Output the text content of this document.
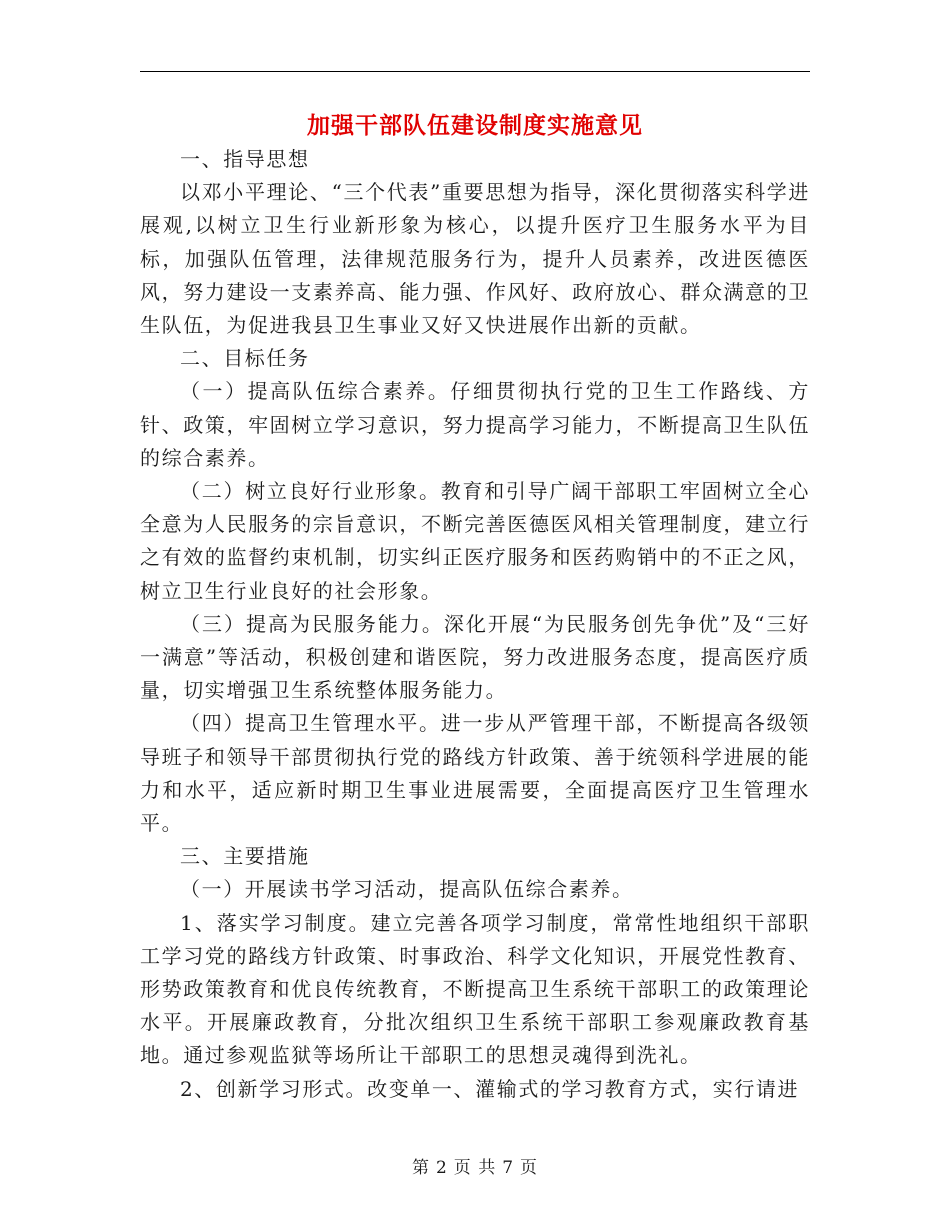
加强干部队伍建设制度实施意见

一、指导思想

以邓小平理论、“三个代表”重要思想为指导，深化贯彻落实科学进展观,以树立卫生行业新形象为核心，以提升医疗卫生服务水平为目标，加强队伍管理，法律规范服务行为，提升人员素养，改进医德医风，努力建设一支素养高、能力强、作风好、政府放心、群众满意的卫生队伍，为促进我县卫生事业又好又快进展作出新的贡献。

二、目标任务

（一）提高队伍综合素养。仔细贯彻执行党的卫生工作路线、方针、政策，牢固树立学习意识，努力提高学习能力，不断提高卫生队伍的综合素养。

（二）树立良好行业形象。教育和引导广阔干部职工牢固树立全心全意为人民服务的宗旨意识，不断完善医德医风相关管理制度，建立行之有效的监督约束机制，切实纠正医疗服务和医药购销中的不正之风，树立卫生行业良好的社会形象。

（三）提高为民服务能力。深化开展“为民服务创先争优”及“三好一满意”等活动，积极创建和谐医院，努力改进服务态度，提高医疗质量，切实增强卫生系统整体服务能力。

（四）提高卫生管理水平。进一步从严管理干部，不断提高各级领导班子和领导干部贯彻执行党的路线方针政策、善于统领科学进展的能力和水平，适应新时期卫生事业进展需要，全面提高医疗卫生管理水平。

三、主要措施

（一）开展读书学习活动，提高队伍综合素养。

1、落实学习制度。建立完善各项学习制度，常常性地组织干部职工学习党的路线方针政策、时事政治、科学文化知识，开展党性教育、形势政策教育和优良传统教育，不断提高卫生系统干部职工的政策理论水平。开展廉政教育，分批次组织卫生系统干部职工参观廉政教育基地。通过参观监狱等场所让干部职工的思想灵魂得到洗礼。

2、创新学习形式。改变单一、灌输式的学习教育方式，实行请进

第 2 页 共 7 页
